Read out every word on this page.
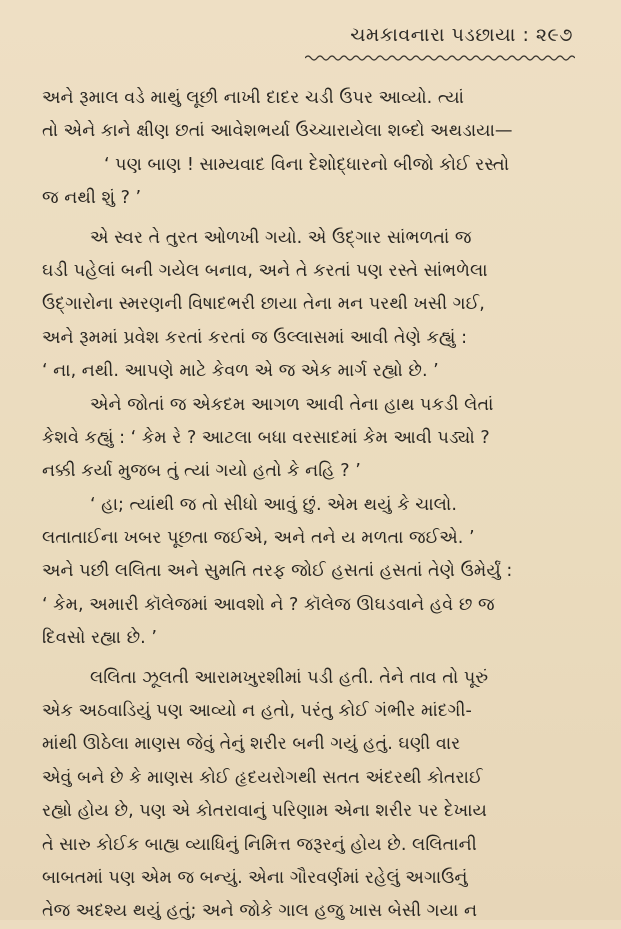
ચમકાવનારા પડછાયા : ૨૯૭
અને રૂમાલ વડે માથું લૂછી નાખી દાદર ચડી ઉપર આવ્યો. ત્યાં
તો એને કાને ક્ષીણ છતાં આવેશભર્યા ઉચ્ચારાયેલા શબ્દો અથડાયા—
‘ પણ બાણ ! સામ્યવાદ વિના દેશોદ્ધારનો બીજો કોઈ રસ્તો
જ નથી શું ? ’
એ સ્વર તે તુરત ઓળખી ગયો. એ ઉદ્‌ગાર સાંભળતાં જ
ઘડી પહેલાં બની ગયેલ બનાવ, અને તે કરતાં પણ રસ્તે સાંભળેલા
ઉદ્‌ગારોના સ્મરણની વિષાદભરી છાયા તેના મન પરથી ખસી ગઈ,
અને રૂમમાં પ્રવેશ કરતાં કરતાં જ ઉલ્લાસમાં આવી તેણે કહ્યું :
‘ ના, નથી. આપણે માટે કેવળ એ જ એક માર્ગ રહ્યો છે. ’
એને જોતાં જ એકદમ આગળ આવી તેના હાથ પકડી લેતાં
કેશવે કહ્યું : ‘ કેમ રે ? આટલા બધા વરસાદમાં કેમ આવી પડ્યો ?
નક્કી કર્યા મુજબ તું ત્યાં ગયો હતો કે નહિ ? ’
‘ હા; ત્યાંથી જ તો સીધો આવું છું. એમ થયું કે ચાલો.
લતાતાઈના ખબર પૂછતા જઈએ, અને તને ય મળતા જઈએ. ’
અને પછી લલિતા અને સુમતિ તરફ જોઈ હસતાં હસતાં તેણે ઉમેર્યું :
‘ કેમ, અમારી કૉલેજમાં આવશો ને ? કૉલેજ ઊઘડવાને હવે છ જ
દિવસો રહ્યા છે. ’
લલિતા ઝૂલતી આરામખુરશીમાં પડી હતી. તેને તાવ તો પૂરું
એક અઠવાડિયું પણ આવ્યો ન હતો, પરંતુ કોઈ ગંભીર માંદગી-
માંથી ઊઠેલા માણસ જેવું તેનું શરીર બની ગયું હતું. ઘણી વાર
એવું બને છે કે માણસ કોઈ હૃદયરોગથી સતત અંદરથી કોતરાઈ
રહ્યો હોય છે, પણ એ કોતરાવાનું પરિણામ એના શરીર પર દેખાય
તે સારુ કોઈક બાહ્ય વ્યાધિનું નિમિત્ત જરૂરનું હોય છે. લલિતાની
બાબતમાં પણ એમ જ બન્યું. એના ગૌરવર્ણમાં રહેલું અગાઉનું
તેજ અદશ્ય થયું હતું; અને જોકે ગાલ હજુ ખાસ બેસી ગયા ન
